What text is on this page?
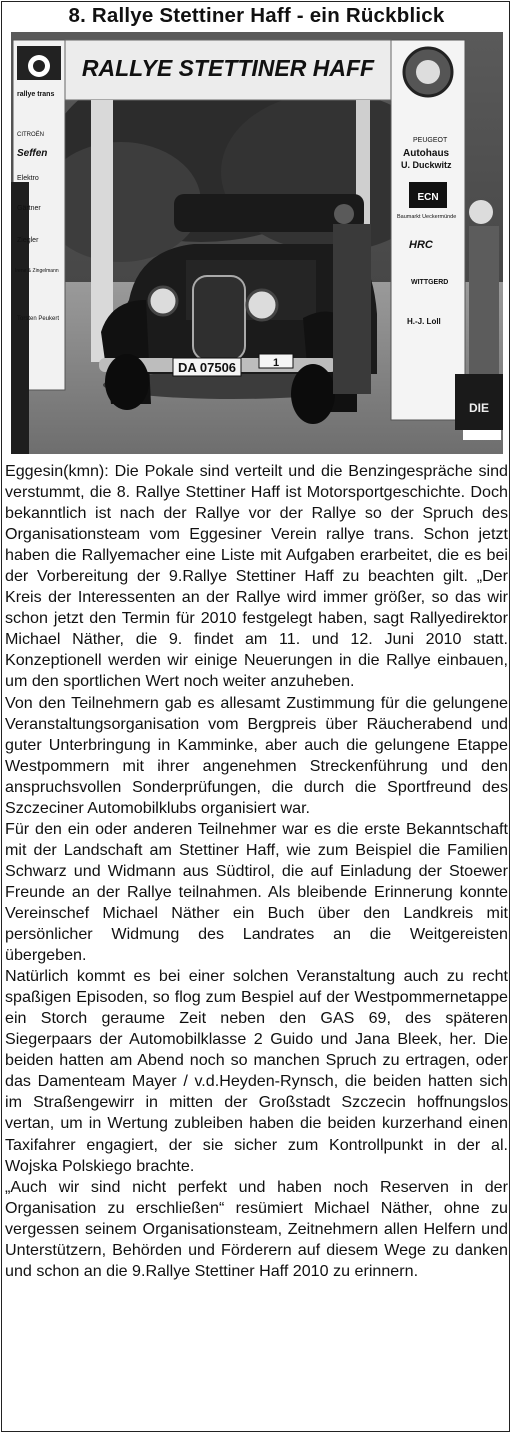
8. Rallye Stettiner Haff - ein Rückblick
DA 07506	1
DIE
RALLYE STETTINER HAFF
rallye trans
CITROËN
Seffen
Elektro
Gärtner
Ziegler
Irene & Zingelmann
Torsten Peukert
PEUGEOT
Autohaus
U. Duckwitz
ECN
Baumarkt Ueckermünde
HRC
WITTGERD
H.-J. Loll

Eggesin(kmn): Die Pokale sind verteilt und die Benzingespräche sind verstummt, die 8. Rallye Stettiner Haff ist Motorsportgeschichte. Doch bekanntlich ist nach der Rallye vor der Rallye so der Spruch des Organisationsteam vom Eggesiner Verein rallye trans. Schon jetzt haben die Rallyemacher eine Liste mit Aufgaben erarbeitet, die es bei der Vorbereitung der 9.Rallye Stettiner Haff zu beachten gilt. „Der Kreis der Interessenten an der Rallye wird immer größer, so das wir schon jetzt den Termin für 2010 festgelegt haben, sagt Rallyedirektor Michael Näther, die 9. findet am 11. und 12. Juni 2010 statt. Konzeptionell werden wir einige Neuerungen in die Rallye einbauen, um den sportlichen Wert noch weiter anzuheben.

Von den Teilnehmern gab es allesamt Zustimmung für die gelungene Veranstaltungsorganisation vom Bergpreis über Räucherabend und guter Unterbringung in Kamminke, aber auch die gelungene Etappe Westpommern mit ihrer angenehmen Streckenführung und den anspruchsvollen Sonderprüfungen, die durch die Sportfreund des Szczeciner Automobilklubs organisiert war.

Für den ein oder anderen Teilnehmer war es die erste Bekanntschaft mit der Landschaft am Stettiner Haff, wie zum Beispiel die Familien Schwarz und Widmann aus Südtirol, die auf Einladung der Stoewer Freunde an der Rallye teilnahmen. Als bleibende Erinnerung konnte Vereinschef Michael Näther ein Buch über den Landkreis mit persönlicher Widmung des Landrates an die Weitgereisten übergeben.

Natürlich kommt es bei einer solchen Veranstaltung auch zu recht spaßigen Episoden, so flog zum Bespiel auf der Westpommernetappe ein Storch geraume Zeit neben den GAS 69, des späteren Siegerpaars der Automobilklasse 2 Guido und Jana Bleek, her. Die beiden hatten am Abend noch so manchen Spruch zu ertragen, oder das Damenteam Mayer / v.d.Heyden-Rynsch, die beiden hatten sich im Straßengewirr in mitten der Großstadt Szczecin hoffnungslos vertan, um in Wertung zubleiben haben die beiden kurzerhand einen Taxifahrer engagiert, der sie sicher zum Kontrollpunkt in der al. Wojska Polskiego brachte.

„Auch wir sind nicht perfekt und haben noch Reserven in der Organisation zu erschließen“ resümiert Michael Näther, ohne zu vergessen seinem Organisationsteam, Zeitnehmern allen Helfern und Unterstützern, Behörden und Förderern auf diesem Wege zu danken und schon an die 9.Rallye Stettiner Haff 2010 zu erinnern.
